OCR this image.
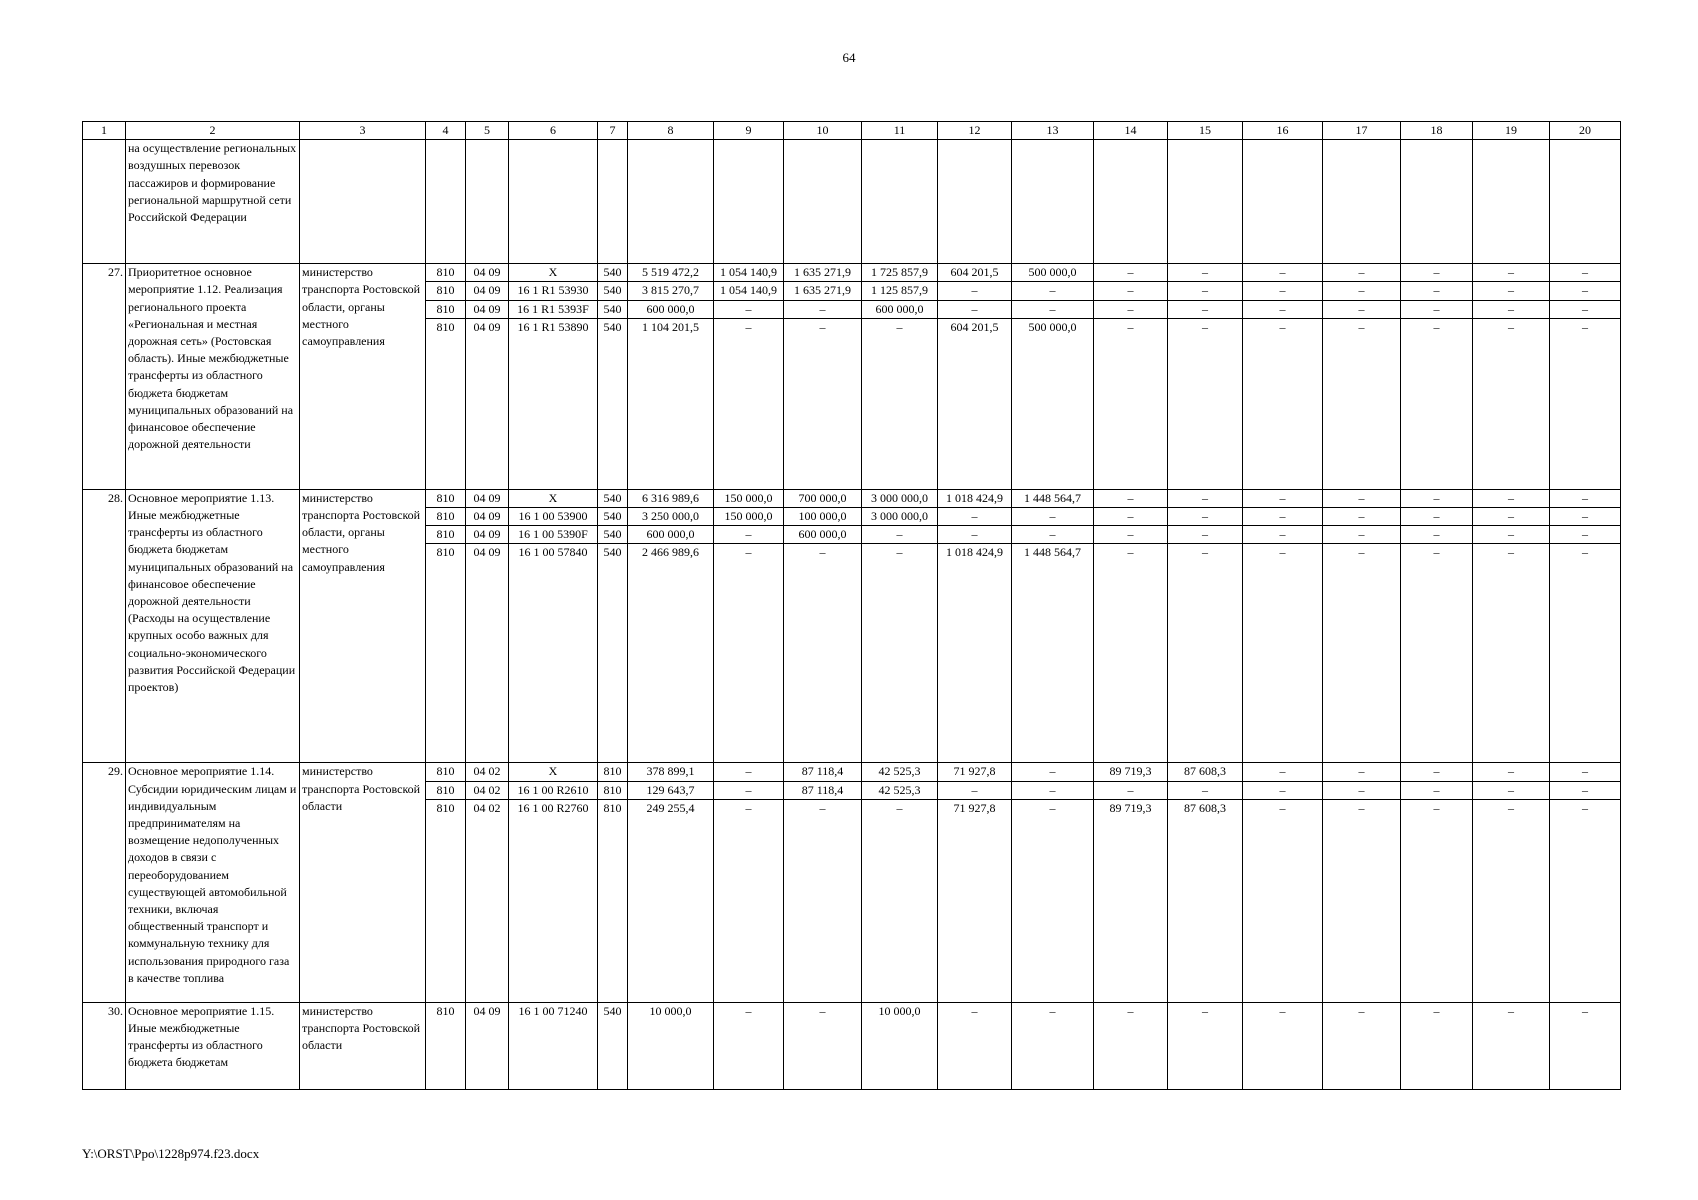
64
1	2	3	4	5	6	7	8	9	10	11	12	13	14	15	16	17	18	19	20
	на осуществление региональных воздушных перевозок пассажиров и формирование региональной маршрутной сети Российской Федерации																		
27.	Приоритетное основное мероприятие 1.12. Реализация регионального проекта «Региональная и местная дорожная сеть» (Ростовская область). Иные межбюджетные трансферты из областного бюджета бюджетам муниципальных образований на финансовое обеспечение дорожной деятельности	министерство транспорта Ростовской области, органы местного самоуправления	810	04 09	Х	540	5 519 472,2	1 054 140,9	1 635 271,9	1 725 857,9	604 201,5	500 000,0	–	–	–	–	–	–	–
			810	04 09	16 1 R1 53930	540	3 815 270,7	1 054 140,9	1 635 271,9	1 125 857,9	–	–	–	–	–	–	–	–	–
			810	04 09	16 1 R1 5393F	540	600 000,0	–	–	600 000,0	–	–	–	–	–	–	–	–	–
			810	04 09	16 1 R1 53890	540	1 104 201,5	–	–	–	604 201,5	500 000,0	–	–	–	–	–	–	–
28.	Основное мероприятие 1.13. Иные межбюджетные трансферты из областного бюджета бюджетам муниципальных образований на финансовое обеспечение дорожной деятельности (Расходы на осуществление крупных особо важных для социально-экономического развития Российской Федерации проектов)	министерство транспорта Ростовской области, органы местного самоуправления	810	04 09	Х	540	6 316 989,6	150 000,0	700 000,0	3 000 000,0	1 018 424,9	1 448 564,7	–	–	–	–	–	–	–
			810	04 09	16 1 00 53900	540	3 250 000,0	150 000,0	100 000,0	3 000 000,0	–	–	–	–	–	–	–	–	–
			810	04 09	16 1 00 5390F	540	600 000,0	–	600 000,0	–	–	–	–	–	–	–	–	–	–
			810	04 09	16 1 00 57840	540	2 466 989,6	–	–	–	1 018 424,9	1 448 564,7	–	–	–	–	–	–	–
29.	Основное мероприятие 1.14. Субсидии юридическим лицам и индивидуальным предпринимателям на возмещение недополученных доходов в связи с переоборудованием существующей автомобильной техники, включая общественный транспорт и коммунальную технику для использования природного газа в качестве топлива	министерство транспорта Ростовской области	810	04 02	Х	810	378 899,1	–	87 118,4	42 525,3	71 927,8	–	89 719,3	87 608,3	–	–	–	–	–
			810	04 02	16 1 00 R2610	810	129 643,7	–	87 118,4	42 525,3	–	–	–	–	–	–	–	–	–
			810	04 02	16 1 00 R2760	810	249 255,4	–	–	–	71 927,8	–	89 719,3	87 608,3	–	–	–	–	–
30.	Основное мероприятие 1.15. Иные межбюджетные трансферты из областного бюджета бюджетам	министерство транспорта Ростовской области	810	04 09	16 1 00 71240	540	10 000,0	–	–	10 000,0	–	–	–	–	–	–	–	–	–
Y:\ORST\Ppo\1228p974.f23.docx
